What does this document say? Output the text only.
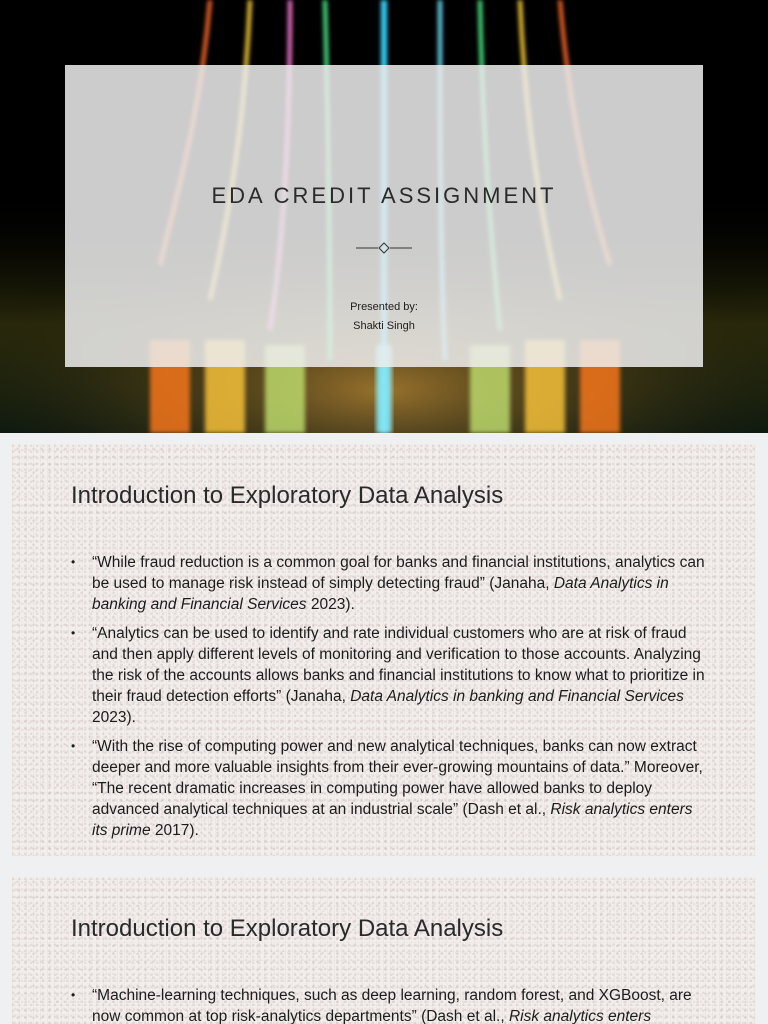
EDA CREDIT ASSIGNMENT
Presented by:
Shakti Singh
Introduction to Exploratory Data Analysis
• “While fraud reduction is a common goal for banks and financial institutions, analytics can be used to manage risk instead of simply detecting fraud” (Janaha, Data Analytics in banking and Financial Services 2023).
• “Analytics can be used to identify and rate individual customers who are at risk of fraud and then apply different levels of monitoring and verification to those accounts. Analyzing the risk of the accounts allows banks and financial institutions to know what to prioritize in their fraud detection efforts” (Janaha, Data Analytics in banking and Financial Services 2023).
• “With the rise of computing power and new analytical techniques, banks can now extract deeper and more valuable insights from their ever-growing mountains of data.” Moreover, “The recent dramatic increases in computing power have allowed banks to deploy advanced analytical techniques at an industrial scale” (Dash et al., Risk analytics enters its prime 2017).
Introduction to Exploratory Data Analysis
• “Machine-learning techniques, such as deep learning, random forest, and XGBoost, are now common at top risk-analytics departments” (Dash et al., Risk analytics enters
